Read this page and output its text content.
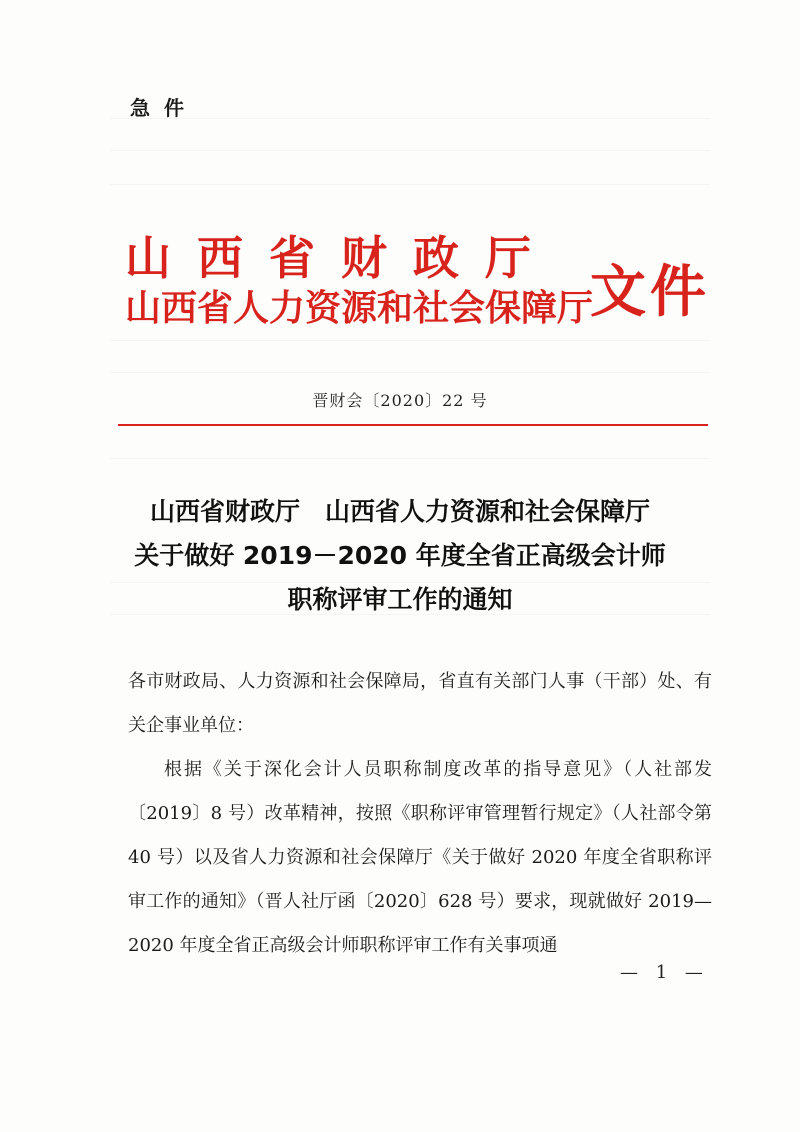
急件
山西省财政厅
山西省人力资源和社会保障厅
文件
晋财会〔2020〕22 号
山西省财政厅　山西省人力资源和社会保障厅
关于做好 2019－2020 年度全省正高级会计师
职称评审工作的通知

各市财政局、人力资源和社会保障局，省直有关部门人事（干部）处、有关企事业单位：

根据《关于深化会计人员职称制度改革的指导意见》（人社部发〔2019〕8 号）改革精神，按照《职称评审管理暂行规定》（人社部令第 40 号）以及省人力资源和社会保障厅《关于做好 2020 年度全省职称评审工作的通知》（晋人社厅函〔2020〕628 号）要求，现就做好 2019—2020 年度全省正高级会计师职称评审工作有关事项通

— 1 —
